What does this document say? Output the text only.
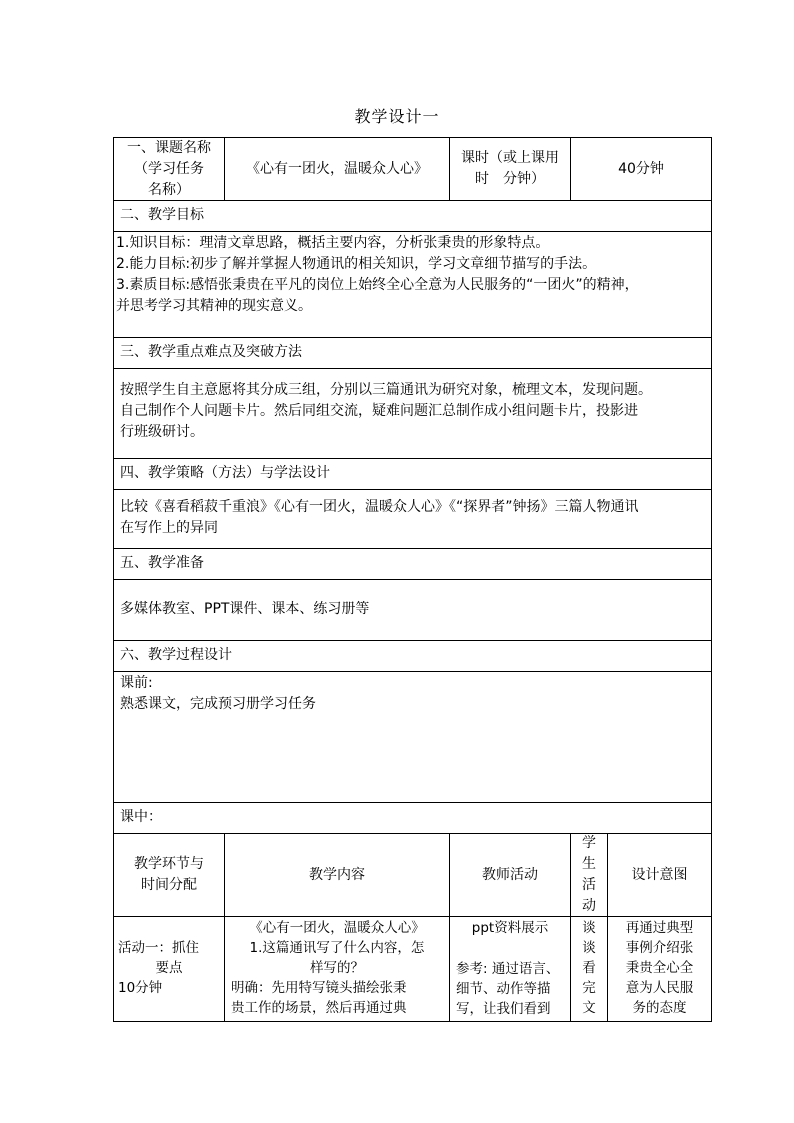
教学设计一
一、课题名称
（学习任务
名称）
《心有一团火，温暖众人心》
课时（或上课用
时　分钟）
40分钟
二、教学目标
1.知识目标：理清文章思路，概括主要内容，分析张秉贵的形象特点。
2.能力目标:初步了解并掌握人物通讯的相关知识，学习文章细节描写的手法。
3.素质目标:感悟张秉贵在平凡的岗位上始终全心全意为人民服务的“一团火”的精神，
并思考学习其精神的现实意义。
三、教学重点难点及突破方法
按照学生自主意愿将其分成三组，分别以三篇通讯为研究对象，梳理文本，发现问题。
自己制作个人问题卡片。然后同组交流，疑难问题汇总制作成小组问题卡片，投影进
行班级研讨。
四、教学策略（方法）与学法设计
比较《喜看稻菽千重浪》《心有一团火，温暖众人心》《“探界者”钟扬》三篇人物通讯
在写作上的异同
五、教学准备
多媒体教室、PPT课件、课本、练习册等
六、教学过程设计
课前:
熟悉课文，完成预习册学习任务
课中：
教学环节与
时间分配
教学内容	教师活动
学
生
活
动
设计意图
活动一：抓住
要点
10分钟
《心有一团火，温暖众人心》
1.这篇通讯写了什么内容，怎
样写的？
明确：先用特写镜头描绘张秉
贵工作的场景，然后再通过典
ppt资料展示
参考: 通过语言、
细节、动作等描
写，让我们看到
谈
谈
看
完
文
再通过典型
事例介绍张
秉贵全心全
意为人民服
务的态度
